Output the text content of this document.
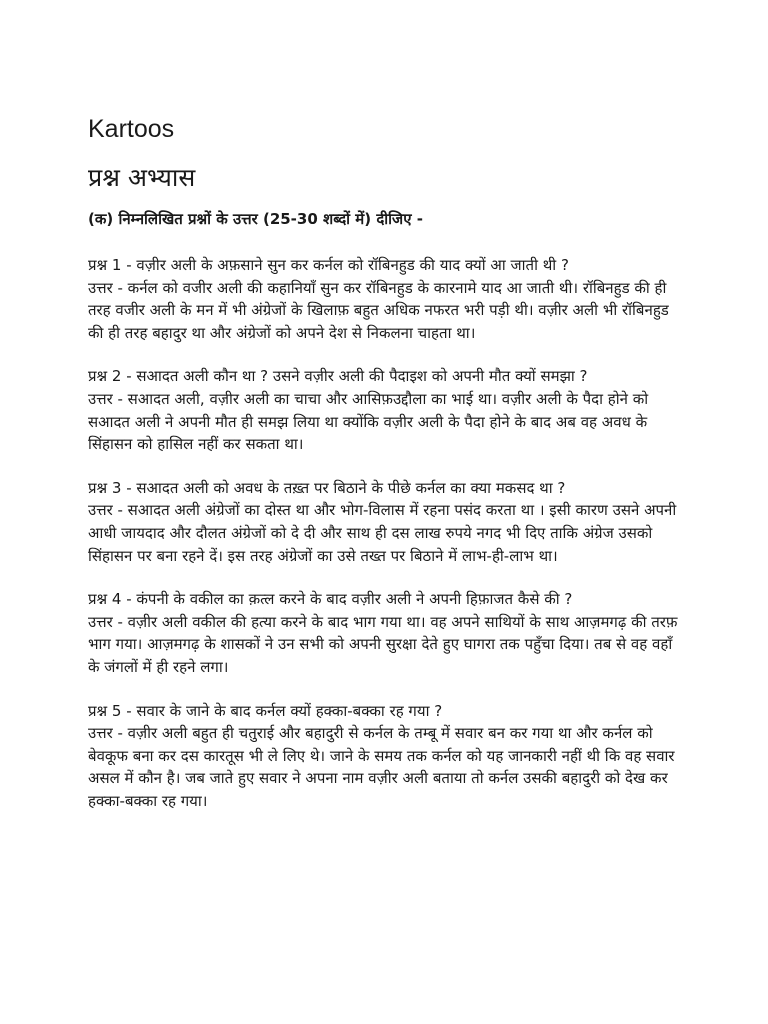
Kartoos
प्रश्न अभ्यास

(क) निम्नलिखित प्रश्नों के उत्तर (25-30 शब्दों में) दीजिए -

प्रश्न 1 - वज़ीर अली के अफ़साने सुन कर कर्नल को रॉबिनहुड की याद क्यों आ जाती थी ?

उत्तर - कर्नल को वजीर अली की कहानियाँ सुन कर रॉबिनहुड के कारनामे याद आ जाती थी। रॉबिनहुड की ही तरह वजीर अली के मन में भी अंग्रेजों के खिलाफ़ बहुत अधिक नफरत भरी पड़ी थी। वज़ीर अली भी रॉबिनहुड की ही तरह बहादुर था और अंग्रेजों को अपने देश से निकलना चाहता था।

प्रश्न 2 - सआदत अली कौन था ? उसने वज़ीर अली की पैदाइश को अपनी मौत क्यों समझा ?

उत्तर - सआदत अली, वज़ीर अली का चाचा और आसिफ़उद्दौला का भाई था। वज़ीर अली के पैदा होने को सआदत अली ने अपनी मौत ही समझ लिया था क्योंकि वज़ीर अली के पैदा होने के बाद अब वह अवध के सिंहासन को हासिल नहीं कर सकता था।

प्रश्न 3 - सआदत अली को अवध के तख़्त पर बिठाने के पीछे कर्नल का क्या मकसद था ?

उत्तर - सआदत अली अंग्रेजों का दोस्त था और भोग-विलास में रहना पसंद करता था । इसी कारण उसने अपनी आधी जायदाद और दौलत अंग्रेजों को दे दी और साथ ही दस लाख रुपये नगद भी दिए ताकि अंग्रेज उसको सिंहासन पर बना रहने दें। इस तरह अंग्रेजों का उसे तख्त पर बिठाने में लाभ-ही-लाभ था।

प्रश्न 4 - कंपनी के वकील का क़त्ल करने के बाद वज़ीर अली ने अपनी हिफ़ाजत कैसे की ?

उत्तर - वज़ीर अली वकील की हत्या करने के बाद भाग गया था। वह अपने साथियों के साथ आज़मगढ़ की तरफ़ भाग गया। आज़मगढ़ के शासकों ने उन सभी को अपनी सुरक्षा देते हुए घागरा तक पहुँचा दिया। तब से वह वहाँ के जंगलों में ही रहने लगा।

प्रश्न 5 - सवार के जाने के बाद कर्नल क्यों हक्का-बक्का रह गया ?

उत्तर - वज़ीर अली बहुत ही चतुराई और बहादुरी से कर्नल के तम्बू में सवार बन कर गया था और कर्नल को बेवकूफ बना कर दस कारतूस भी ले लिए थे। जाने के समय तक कर्नल को यह जानकारी नहीं थी कि वह सवार असल में कौन है। जब जाते हुए सवार ने अपना नाम वज़ीर अली बताया तो कर्नल उसकी बहादुरी को देख कर हक्का-बक्का रह गया।
